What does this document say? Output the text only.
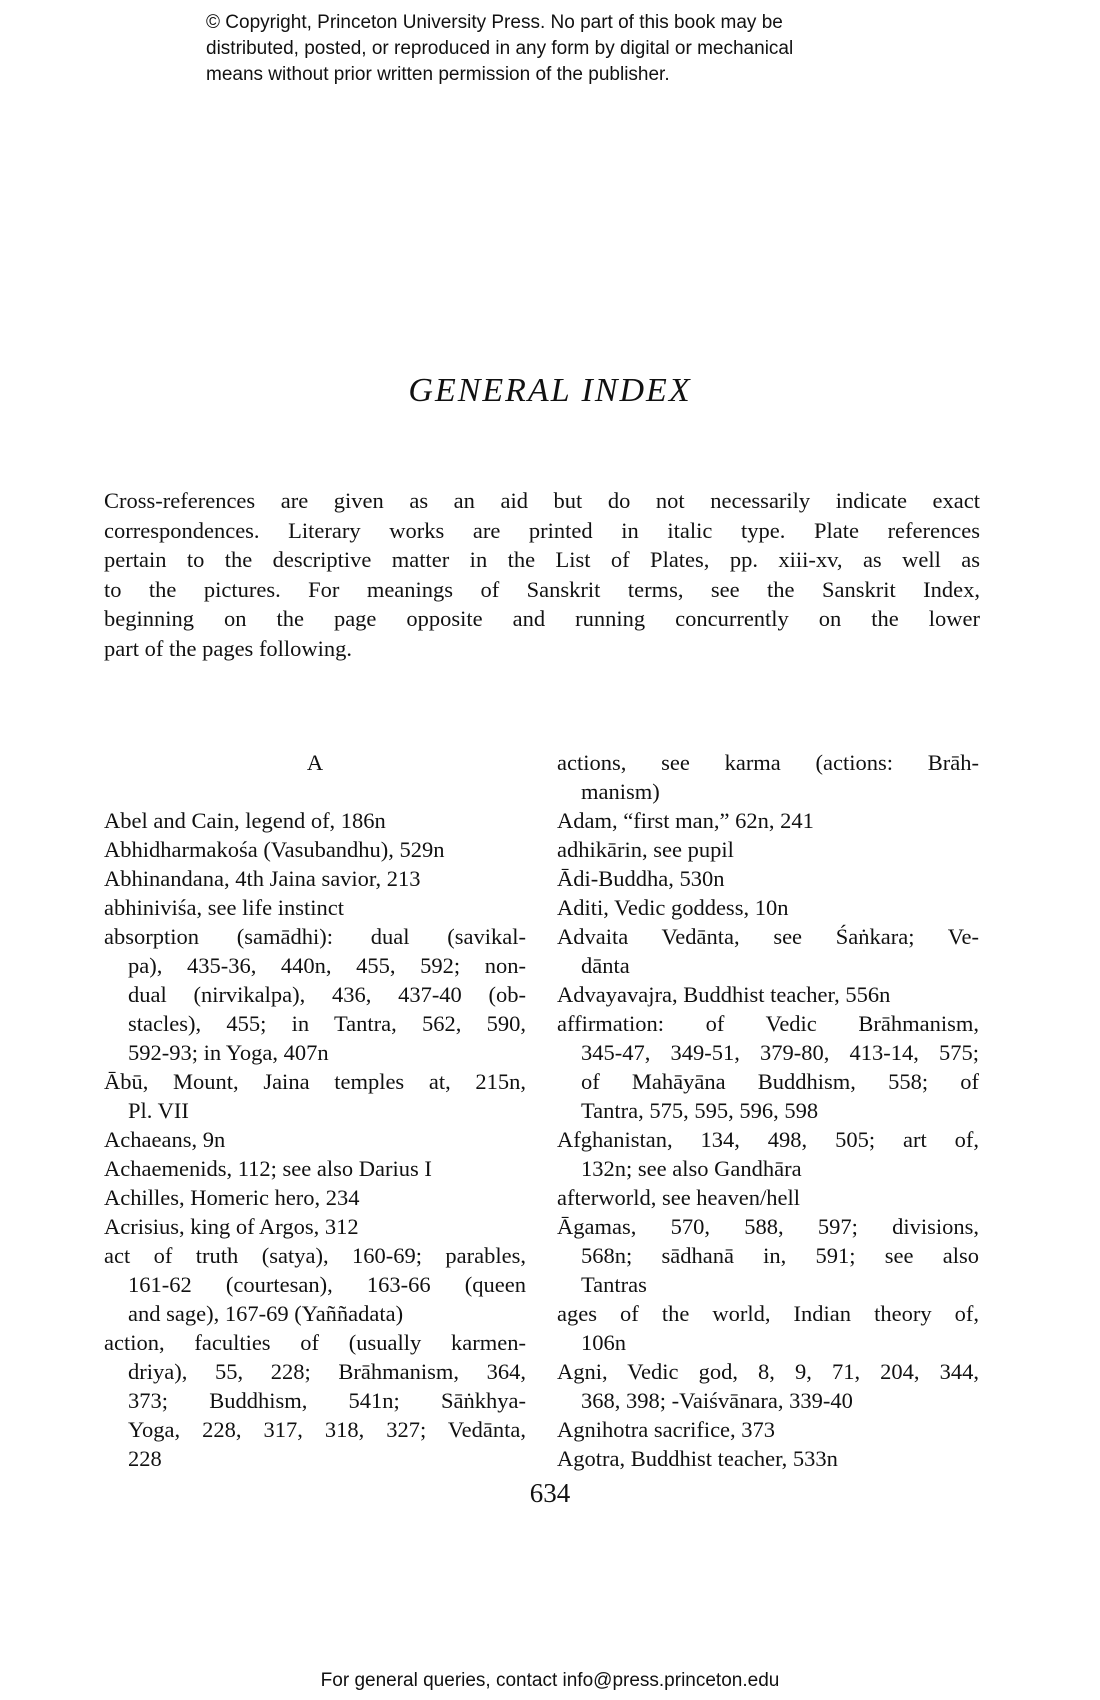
© Copyright, Princeton University Press. No part of this book may be
distributed, posted, or reproduced in any form by digital or mechanical
means without prior written permission of the publisher.
GENERAL INDEX
Cross-references are given as an aid but do not necessarily indicate exact
correspondences. Literary works are printed in italic type. Plate references
pertain to the descriptive matter in the List of Plates, pp. xiii-xv, as well as
to the pictures. For meanings of Sanskrit terms, see the Sanskrit Index,
beginning on the page opposite and running concurrently on the lower
part of the pages following.
A
Abel and Cain, legend of, 186n
Abhidharmakośa (Vasubandhu), 529n
Abhinandana, 4th Jaina savior, 213
abhiniviśa, see life instinct
absorption (samādhi): dual (savikal-
pa), 435-36, 440n, 455, 592; non-
dual (nirvikalpa), 436, 437-40 (ob-
stacles), 455; in Tantra, 562, 590,
592-93; in Yoga, 407n
Ābū, Mount, Jaina temples at, 215n,
Pl. VII
Achaeans, 9n
Achaemenids, 112; see also Darius I
Achilles, Homeric hero, 234
Acrisius, king of Argos, 312
act of truth (satya), 160-69; parables,
161-62 (courtesan), 163-66 (queen
and sage), 167-69 (Yaññadata)
action, faculties of (usually karmen-
driya), 55, 228; Brāhmanism, 364,
373; Buddhism, 541n; Sāṅkhya-
Yoga, 228, 317, 318, 327; Vedānta,
228
actions, see karma (actions: Brāh-
manism)
Adam, “first man,” 62n, 241
adhikārin, see pupil
Ādi-Buddha, 530n
Aditi, Vedic goddess, 10n
Advaita Vedānta, see Śaṅkara; Ve-
dānta
Advayavajra, Buddhist teacher, 556n
affirmation: of Vedic Brāhmanism,
345-47, 349-51, 379-80, 413-14, 575;
of Mahāyāna Buddhism, 558; of
Tantra, 575, 595, 596, 598
Afghanistan, 134, 498, 505; art of,
132n; see also Gandhāra
afterworld, see heaven/hell
Āgamas, 570, 588, 597; divisions,
568n; sādhanā in, 591; see also
Tantras
ages of the world, Indian theory of,
106n
Agni, Vedic god, 8, 9, 71, 204, 344,
368, 398; -Vaiśvānara, 339-40
Agnihotra sacrifice, 373
Agotra, Buddhist teacher, 533n
634
For general queries, contact info@press.princeton.edu
